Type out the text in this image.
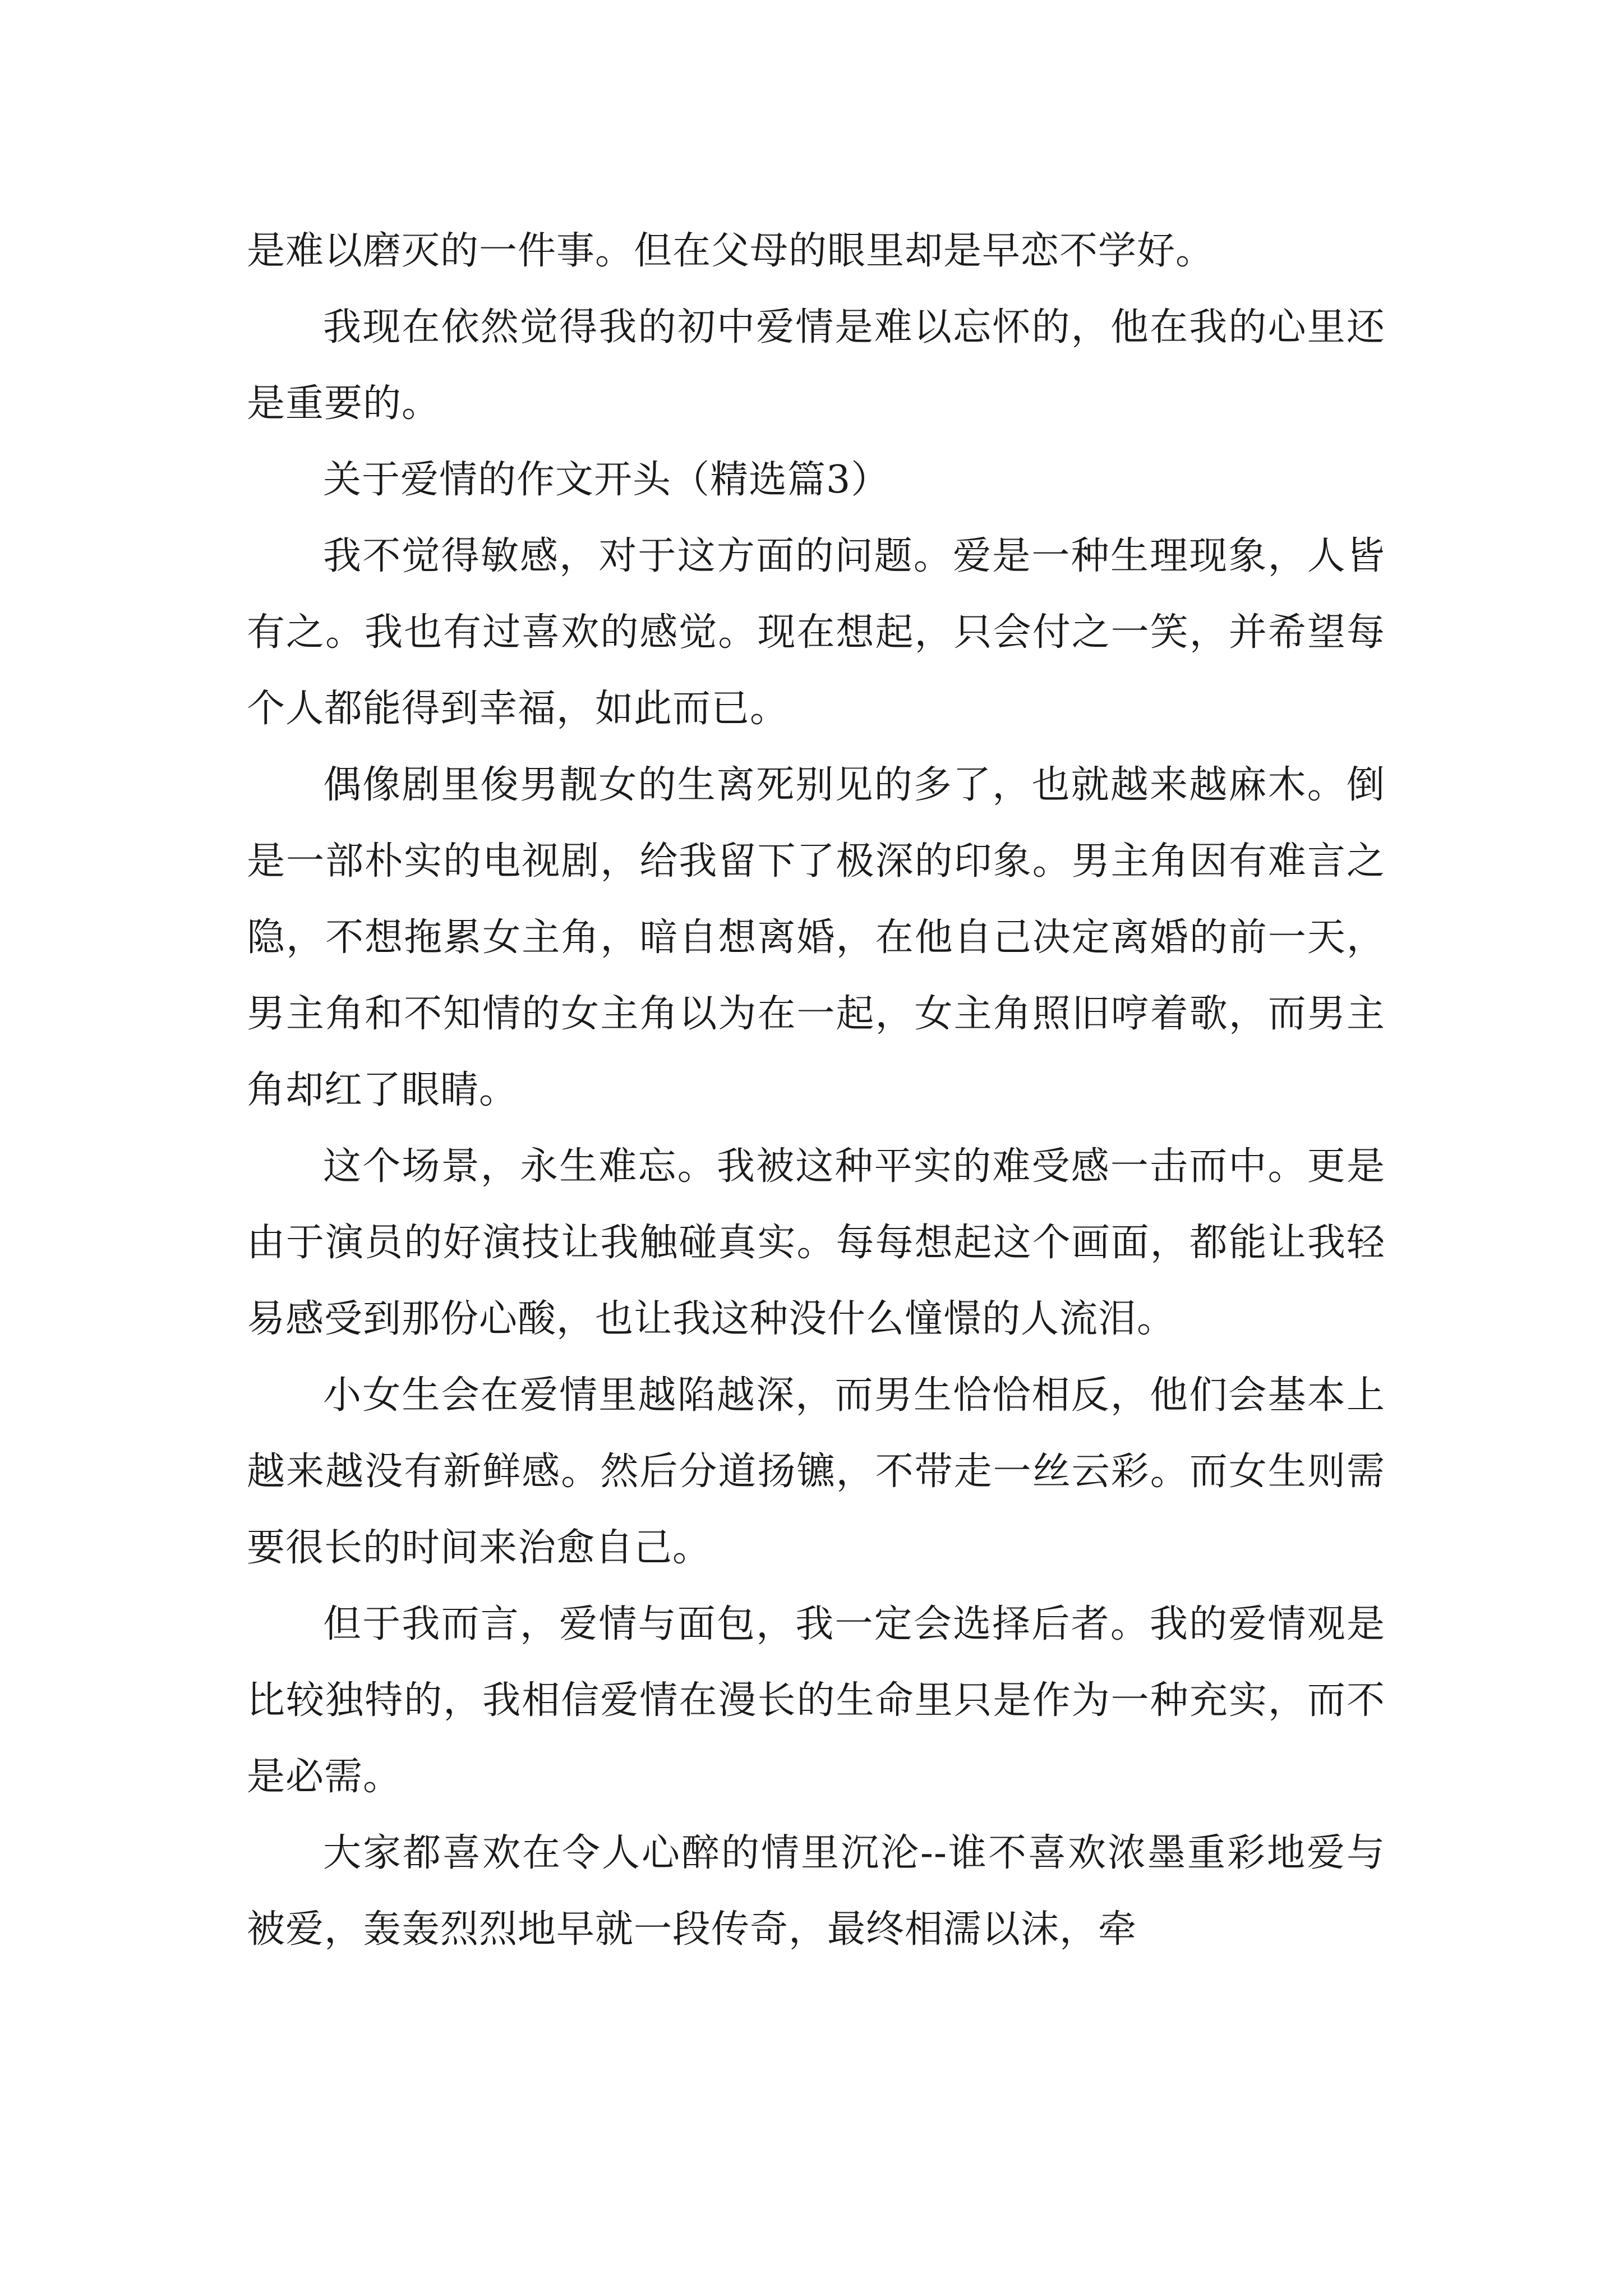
是难以磨灭的一件事。但在父母的眼里却是早恋不学好。

我现在依然觉得我的初中爱情是难以忘怀的，他在我的心里还是重要的。

关于爱情的作文开头（精选篇3）

我不觉得敏感，对于这方面的问题。爱是一种生理现象，人皆有之。我也有过喜欢的感觉。现在想起，只会付之一笑，并希望每个人都能得到幸福，如此而已。

偶像剧里俊男靓女的生离死别见的多了，也就越来越麻木。倒是一部朴实的电视剧，给我留下了极深的印象。男主角因有难言之隐，不想拖累女主角，暗自想离婚，在他自己决定离婚的前一天，男主角和不知情的女主角以为在一起，女主角照旧哼着歌，而男主角却红了眼睛。

这个场景，永生难忘。我被这种平实的难受感一击而中。更是由于演员的好演技让我触碰真实。每每想起这个画面，都能让我轻易感受到那份心酸，也让我这种没什么憧憬的人流泪。

小女生会在爱情里越陷越深，而男生恰恰相反，他们会基本上越来越没有新鲜感。然后分道扬镳，不带走一丝云彩。而女生则需要很长的时间来治愈自己。

但于我而言，爱情与面包，我一定会选择后者。我的爱情观是比较独特的，我相信爱情在漫长的生命里只是作为一种充实，而不是必需。

大家都喜欢在令人心醉的情里沉沦--谁不喜欢浓墨重彩地爱与被爱，轰轰烈烈地早就一段传奇，最终相濡以沫，牵
